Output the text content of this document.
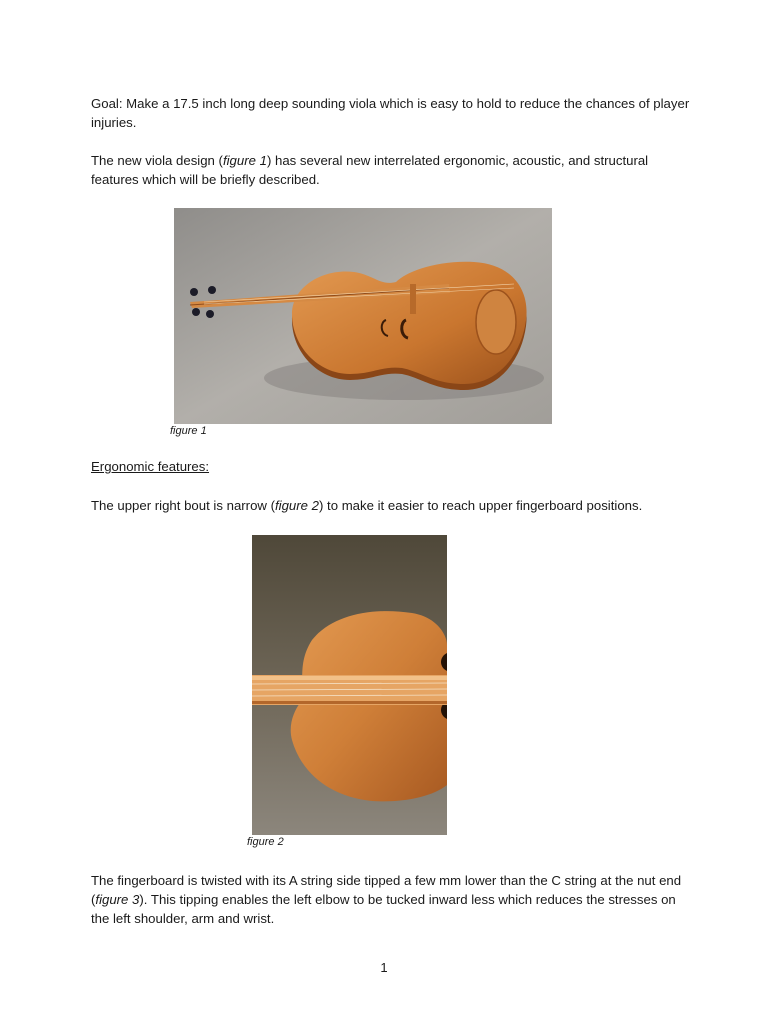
Goal: Make a 17.5 inch long deep sounding viola which is easy to hold to reduce the chances of player injuries.

The new viola design (figure 1) has several new interrelated ergonomic, acoustic, and structural features which will be briefly described.

figure 1

Ergonomic features:

The upper right bout is narrow (figure 2) to make it easier to reach upper fingerboard positions.

figure 2

The fingerboard is twisted with its A string side tipped a few mm lower than the C string at the nut end (figure 3). This tipping enables the left elbow to be tucked inward less which reduces the stresses on the left shoulder, arm and wrist.

1
